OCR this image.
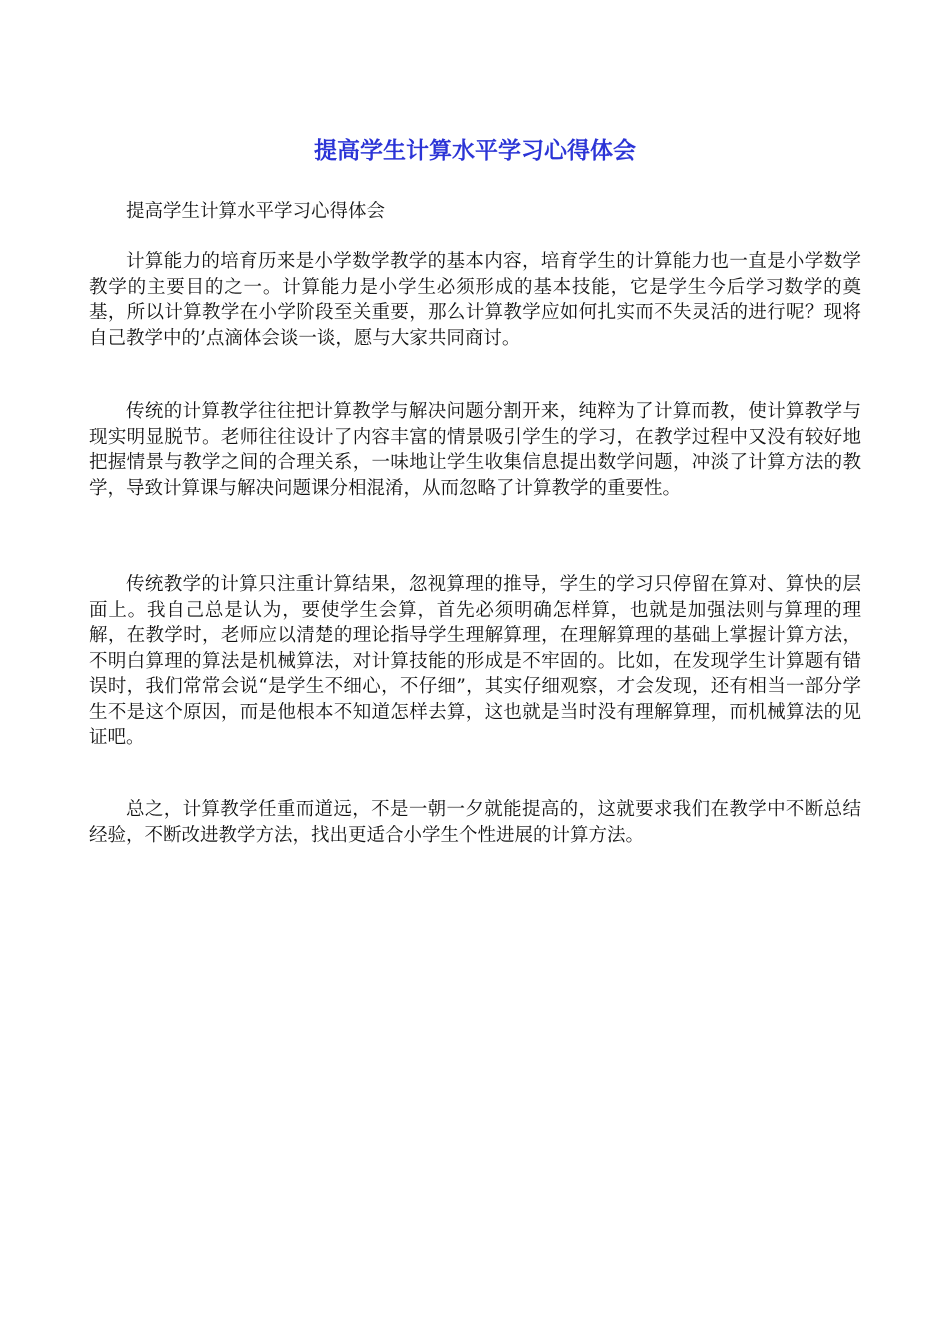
提高学生计算水平学习心得体会

提高学生计算水平学习心得体会

计算能力的培育历来是小学数学教学的基本内容，培育学生的计算能力也一直是小学数学教学的主要目的之一。计算能力是小学生必须形成的基本技能，它是学生今后学习数学的奠基，所以计算教学在小学阶段至关重要，那么计算教学应如何扎实而不失灵活的进行呢？现将自己教学中的’点滴体会谈一谈，愿与大家共同商讨。

传统的计算教学往往把计算教学与解决问题分割开来，纯粹为了计算而教，使计算教学与现实明显脱节。老师往往设计了内容丰富的情景吸引学生的学习，在教学过程中又没有较好地把握情景与教学之间的合理关系，一味地让学生收集信息提出数学问题，冲淡了计算方法的教学，导致计算课与解决问题课分相混淆，从而忽略了计算教学的重要性。

传统教学的计算只注重计算结果，忽视算理的推导，学生的学习只停留在算对、算快的层面上。我自己总是认为，要使学生会算，首先必须明确怎样算，也就是加强法则与算理的理解，在教学时，老师应以清楚的理论指导学生理解算理，在理解算理的基础上掌握计算方法，不明白算理的算法是机械算法，对计算技能的形成是不牢固的。比如，在发现学生计算题有错误时，我们常常会说“是学生不细心，不仔细”，其实仔细观察，才会发现，还有相当一部分学生不是这个原因，而是他根本不知道怎样去算，这也就是当时没有理解算理，而机械算法的见证吧。

总之，计算教学任重而道远，不是一朝一夕就能提高的，这就要求我们在教学中不断总结经验，不断改进教学方法，找出更适合小学生个性进展的计算方法。
